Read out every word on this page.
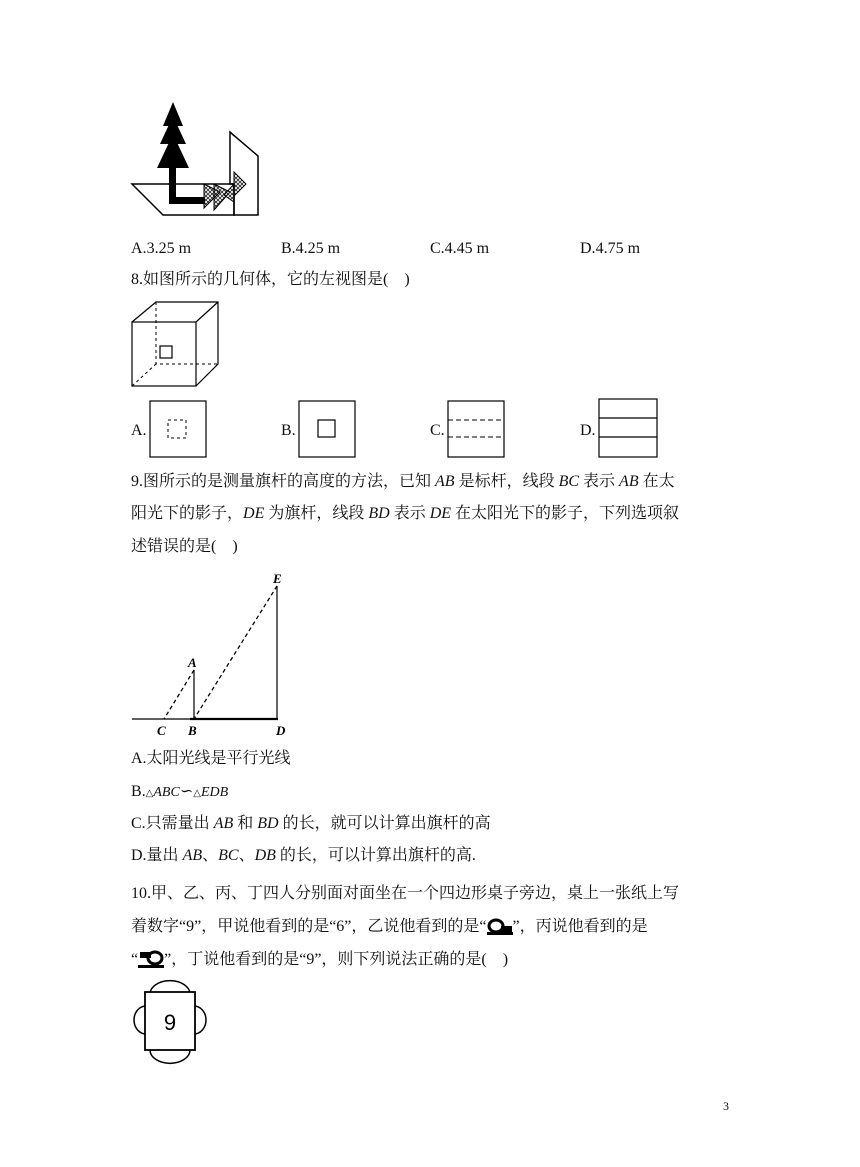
A.3.25 m	B.4.25 m	C.4.45 m	D.4.75 m
8.如图所示的几何体，它的左视图是(　)
A.	B.	C.	D.
9.图所示的是测量旗杆的高度的方法，已知 AB 是标杆，线段 BC 表示 AB 在太
阳光下的影子，DE 为旗杆，线段 BD 表示 DE 在太阳光下的影子，下列选项叙
述错误的是(　)
E
A
C B	D
A.太阳光线是平行光线
B.△ABC∽△EDB
C.只需量出 AB 和 BD 的长，就可以计算出旗杆的高
D.量出 AB、BC、DB 的长，可以计算出旗杆的高.
10.甲、乙、丙、丁四人分别面对面坐在一个四边形桌子旁边，桌上一张纸上写
着数字“9”，甲说他看到的是“6”，乙说他看到的是“ ”，丙说他看到的是
“ ”，丁说他看到的是“9”，则下列说法正确的是(　)
9
3
